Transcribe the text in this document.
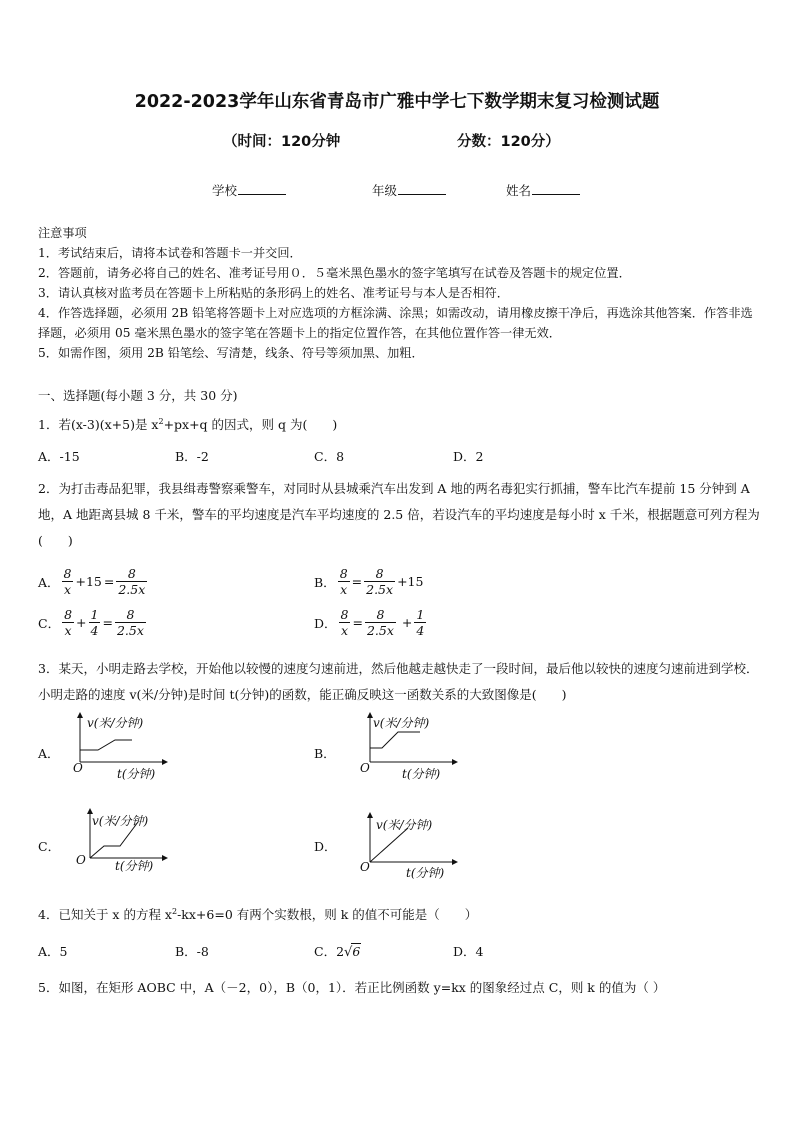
2022-2023学年山东省青岛市广雅中学七下数学期末复习检测试题
（时间：120分钟	分数：120分）
学校	年级	姓名

注意事项

1．考试结束后，请将本试卷和答题卡一并交回．

2．答题前，请务必将自己的姓名、准考证号用０．５毫米黑色墨水的签字笔填写在试卷及答题卡的规定位置．

3．请认真核对监考员在答题卡上所粘贴的条形码上的姓名、准考证号与本人是否相符．

4．作答选择题，必须用 2B 铅笔将答题卡上对应选项的方框涂满、涂黑；如需改动，请用橡皮擦干净后，再选涂其他答案．作答非选择题，必须用 05 毫米黑色墨水的签字笔在答题卡上的指定位置作答，在其他位置作答一律无效．

5．如需作图，须用 2B 铅笔绘、写清楚，线条、符号等须加黑、加粗．

一、选择题(每小题 3 分，共 30 分)
1．若(x-3)(x+5)是 $x^2+px+q$ 的因式，则 q 为(　　)
A．-15	B．-2	C．8	D．2
2．为打击毒品犯罪，我县缉毒警察乘警车，对同时从县城乘汽车出发到 A 地的两名毒犯实行抓捕，警车比汽车提前 15 分钟到 A 地，A 地距离县城 8 千米，警车的平均速度是汽车平均速度的 2.5 倍，若设汽车的平均速度是每小时 x 千米，根据题意可列方程为(　　)
A． $\frac{8}{x} +15 = \frac{8}{2.5x}$	B． $\frac{8}{x} = \frac{8}{2.5x} +15$
C． $\frac{8}{x} + \frac{1}{4} = \frac{8}{2.5x}$	D． $\frac{8}{x} = \frac{8}{2.5x} + \frac{1}{4}$
3．某天，小明走路去学校，开始他以较慢的速度匀速前进，然后他越走越快走了一段时间，最后他以较快的速度匀速前进到学校．小明走路的速度 v(米/分钟)是时间 t(分钟)的函数，能正确反映这一函数关系的大致图像是(　　)
A．
v(米/分钟)
O	t(分钟)
B．
v(米/分钟)
O	t(分钟)
C．
v(米/分钟)
O t(分钟)
D．
v(米/分钟)
O	t(分钟)
4．已知关于 x 的方程 $x^2-kx+6=0$ 有两个实数根，则 k 的值不可能是（　　）
A．5	B．-8	C．2√6	D．4
5．如图，在矩形 AOBC 中，A（－2，0），B（0，1）．若正比例函数 y=kx 的图象经过点 C，则 k 的值为（ ）
